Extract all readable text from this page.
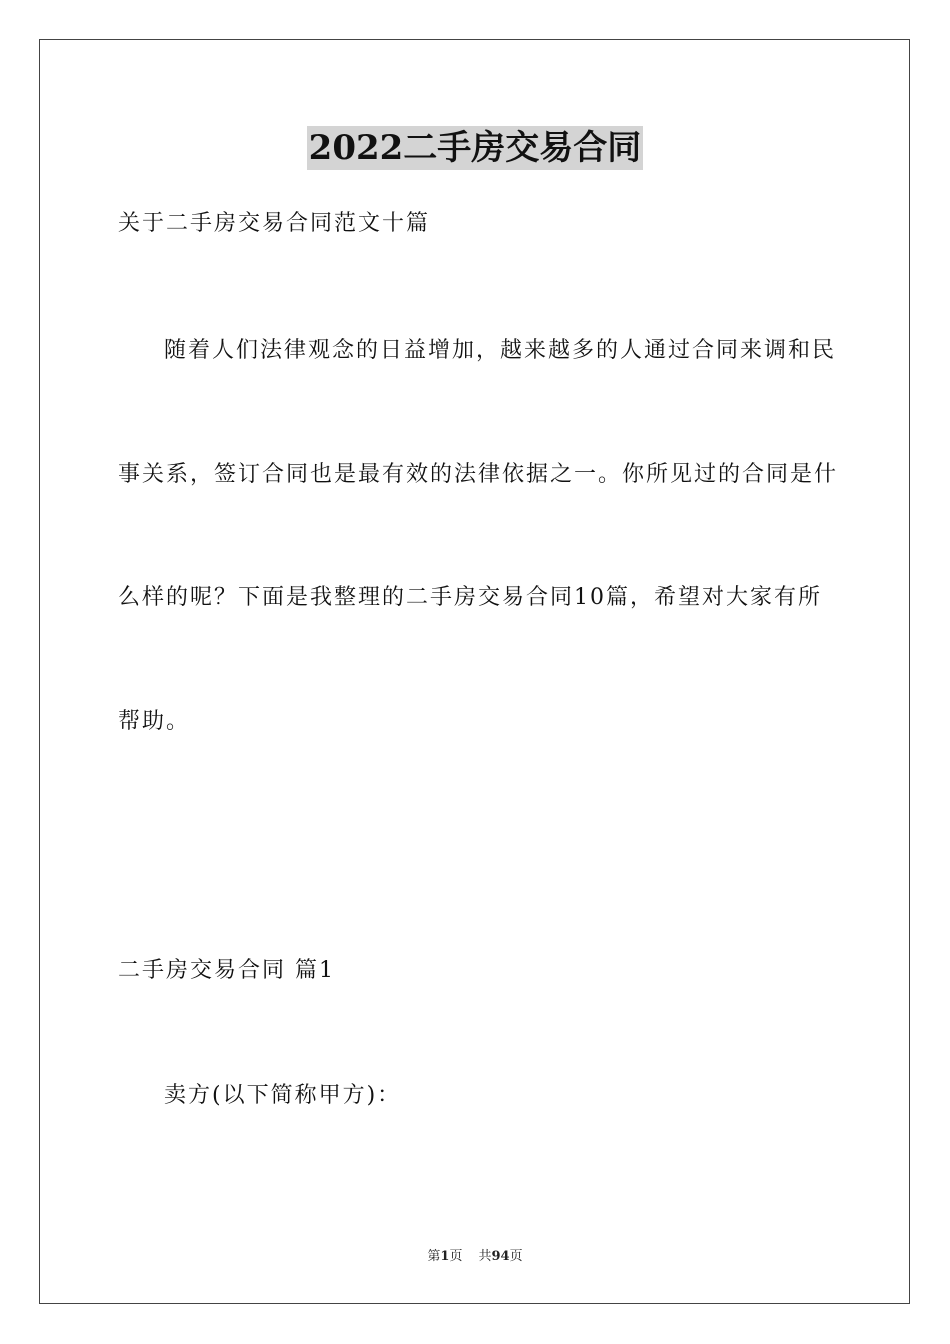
2022二手房交易合同
关于二手房交易合同范文十篇
随着人们法律观念的日益增加，越来越多的人通过合同来调和民
事关系，签订合同也是最有效的法律依据之一。你所见过的合同是什
么样的呢？下面是我整理的二手房交易合同10篇，希望对大家有所
帮助。
二手房交易合同 篇1
卖方(以下简称甲方)：
第1页 共94页
